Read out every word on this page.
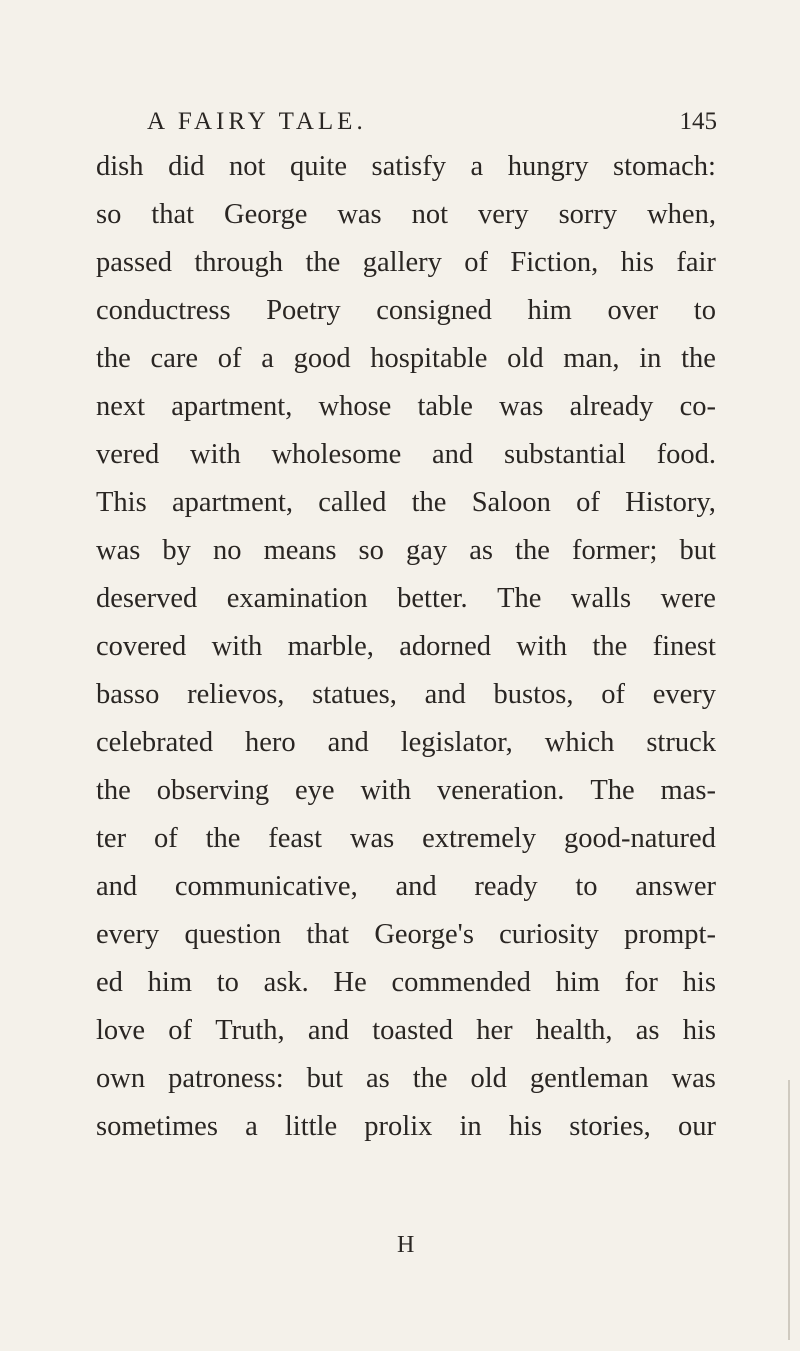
A FAIRY TALE.	145
dish did not quite satisfy a hungry stomach:
so that George was not very sorry when,
passed through the gallery of Fiction, his fair
conductress Poetry consigned him over to
the care of a good hospitable old man, in the
next apartment, whose table was already co-
vered with wholesome and substantial food.
This apartment, called the Saloon of History,
was by no means so gay as the former; but
deserved examination better. The walls were
covered with marble, adorned with the finest
basso relievos, statues, and bustos, of every
celebrated hero and legislator, which struck
the observing eye with veneration. The mas-
ter of the feast was extremely good-natured
and communicative, and ready to answer
every question that George's curiosity prompt-
ed him to ask. He commended him for his
love of Truth, and toasted her health, as his
own patroness: but as the old gentleman was
sometimes a little prolix in his stories, our
H
